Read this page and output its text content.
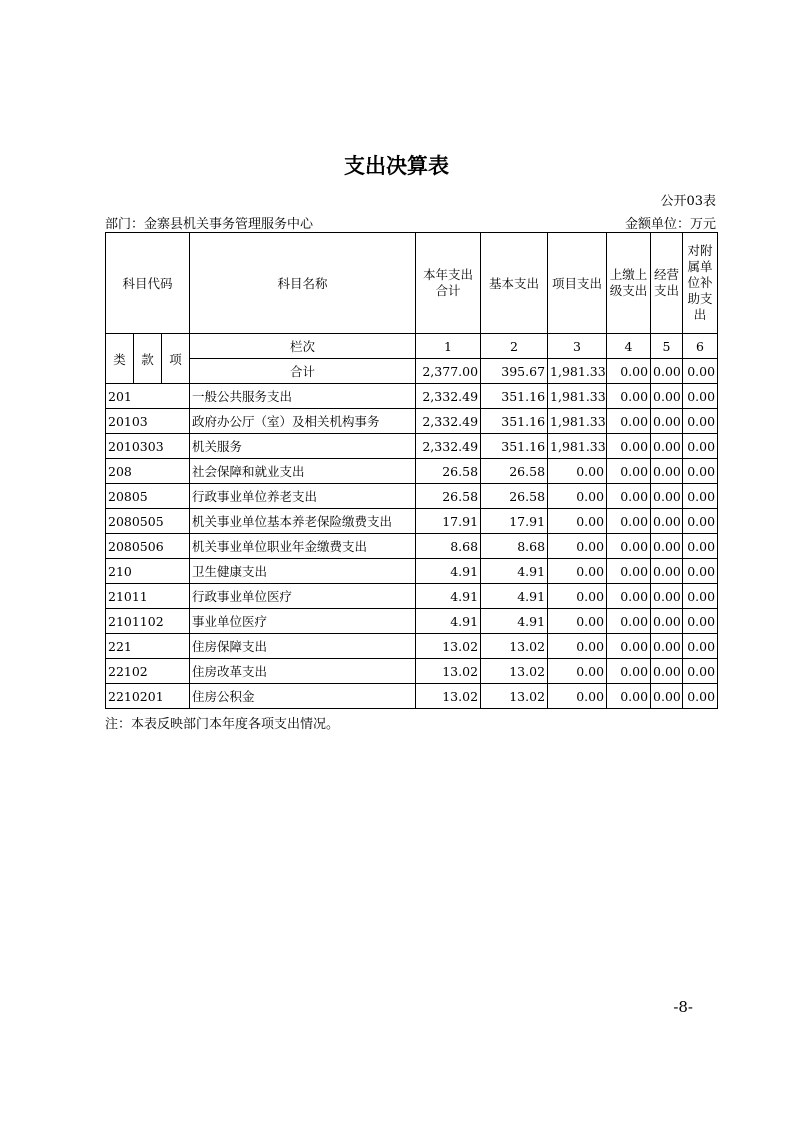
支出决算表
公开03表
部门：金寨县机关事务管理服务中心	金额单位：万元
科目代码			科目名称	本年支出合计	基本支出	项目支出	上缴上级支出	经营支出	对附属单位补助支出
类	款	项	栏次	1	2	3	4	5	6
			合计	2,377.00	395.67	1,981.33	0.00	0.00	0.00
201			一般公共服务支出	2,332.49	351.16	1,981.33	0.00	0.00	0.00
20103			政府办公厅（室）及相关机构事务	2,332.49	351.16	1,981.33	0.00	0.00	0.00
2010303			机关服务	2,332.49	351.16	1,981.33	0.00	0.00	0.00
208			社会保障和就业支出	26.58	26.58	0.00	0.00	0.00	0.00
20805			行政事业单位养老支出	26.58	26.58	0.00	0.00	0.00	0.00
2080505			机关事业单位基本养老保险缴费支出	17.91	17.91	0.00	0.00	0.00	0.00
2080506			机关事业单位职业年金缴费支出	8.68	8.68	0.00	0.00	0.00	0.00
210			卫生健康支出	4.91	4.91	0.00	0.00	0.00	0.00
21011			行政事业单位医疗	4.91	4.91	0.00	0.00	0.00	0.00
2101102			事业单位医疗	4.91	4.91	0.00	0.00	0.00	0.00
221			住房保障支出	13.02	13.02	0.00	0.00	0.00	0.00
22102			住房改革支出	13.02	13.02	0.00	0.00	0.00	0.00
2210201			住房公积金	13.02	13.02	0.00	0.00	0.00	0.00
注：本表反映部门本年度各项支出情况。
-8-
